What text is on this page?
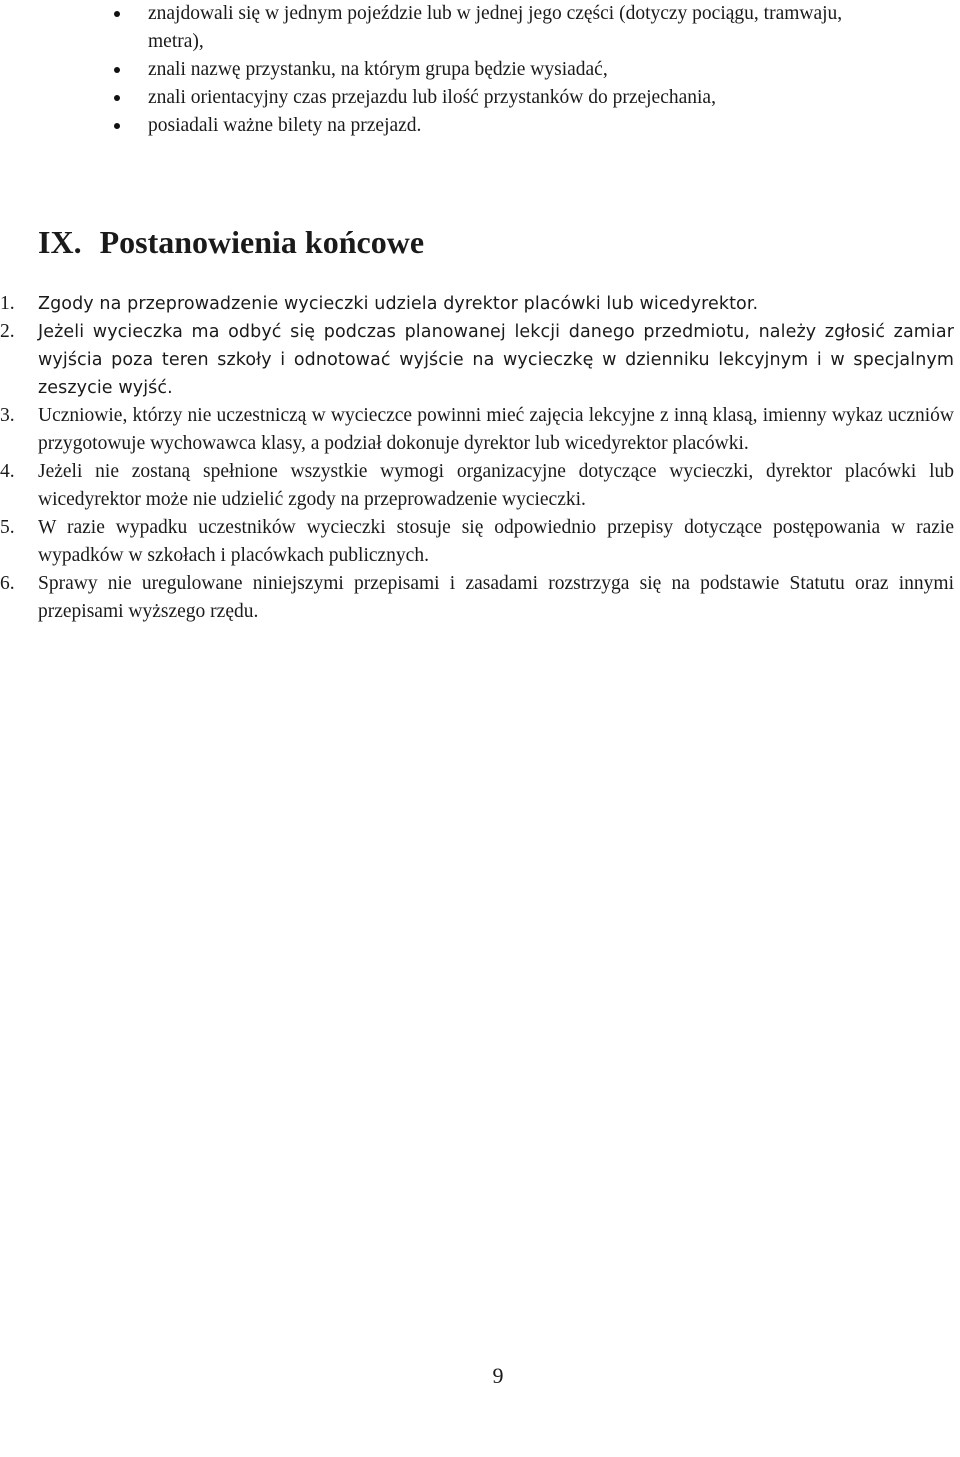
znajdowali się w jednym pojeździe lub w jednej jego części (dotyczy pociągu, tramwaju, metra),
znali nazwę przystanku, na którym grupa będzie wysiadać,
znali orientacyjny czas przejazdu lub ilość przystanków do przejechania,
posiadali ważne bilety na przejazd.
IX. Postanowienia końcowe
1.	Zgody na przeprowadzenie wycieczki udziela dyrektor placówki lub wicedyrektor.
2.	Jeżeli wycieczka ma odbyć się podczas planowanej lekcji danego przedmiotu, należy zgłosić zamiar wyjścia poza teren szkoły i odnotować wyjście na wycieczkę w dzienniku lekcyjnym i w specjalnym zeszycie wyjść.
3.	Uczniowie, którzy nie uczestniczą w wycieczce powinni mieć zajęcia lekcyjne z inną klasą, imienny wykaz uczniów przygotowuje wychowawca klasy, a podział dokonuje dyrektor lub wicedyrektor placówki.
4.	Jeżeli nie zostaną spełnione wszystkie wymogi organizacyjne dotyczące wycieczki, dyrektor placówki lub wicedyrektor może nie udzielić zgody na przeprowadzenie wycieczki.
5.	W razie wypadku uczestników wycieczki stosuje się odpowiednio przepisy dotyczące postępowania w razie wypadków w szkołach i placówkach publicznych.
6.	Sprawy nie uregulowane niniejszymi przepisami i zasadami rozstrzyga się na podstawie Statutu oraz innymi przepisami wyższego rzędu.
9
